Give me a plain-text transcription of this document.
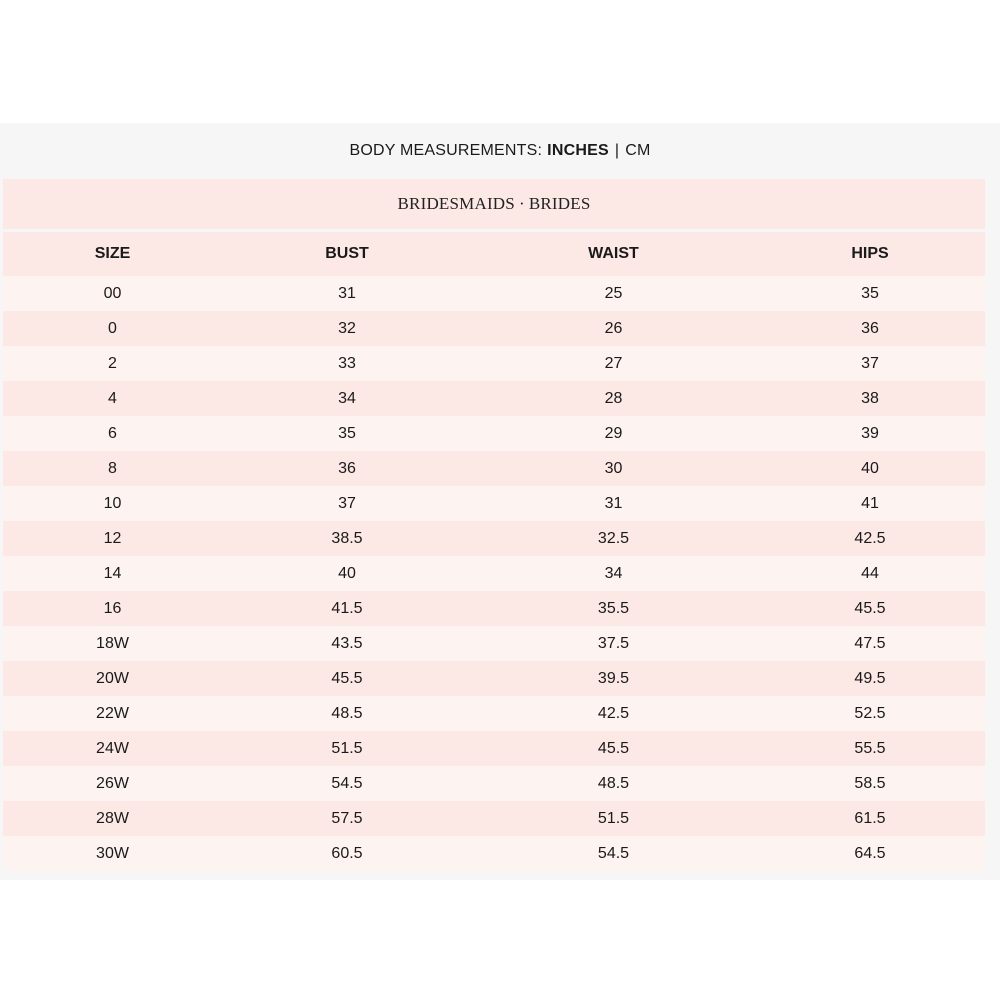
BODY MEASUREMENTS: INCHES | CM
BRIDESMAIDS · BRIDES
SIZE	BUST	WAIST	HIPS
00	31	25	35
0	32	26	36
2	33	27	37
4	34	28	38
6	35	29	39
8	36	30	40
10	37	31	41
12	38.5	32.5	42.5
14	40	34	44
16	41.5	35.5	45.5
18W	43.5	37.5	47.5
20W	45.5	39.5	49.5
22W	48.5	42.5	52.5
24W	51.5	45.5	55.5
26W	54.5	48.5	58.5
28W	57.5	51.5	61.5
30W	60.5	54.5	64.5
